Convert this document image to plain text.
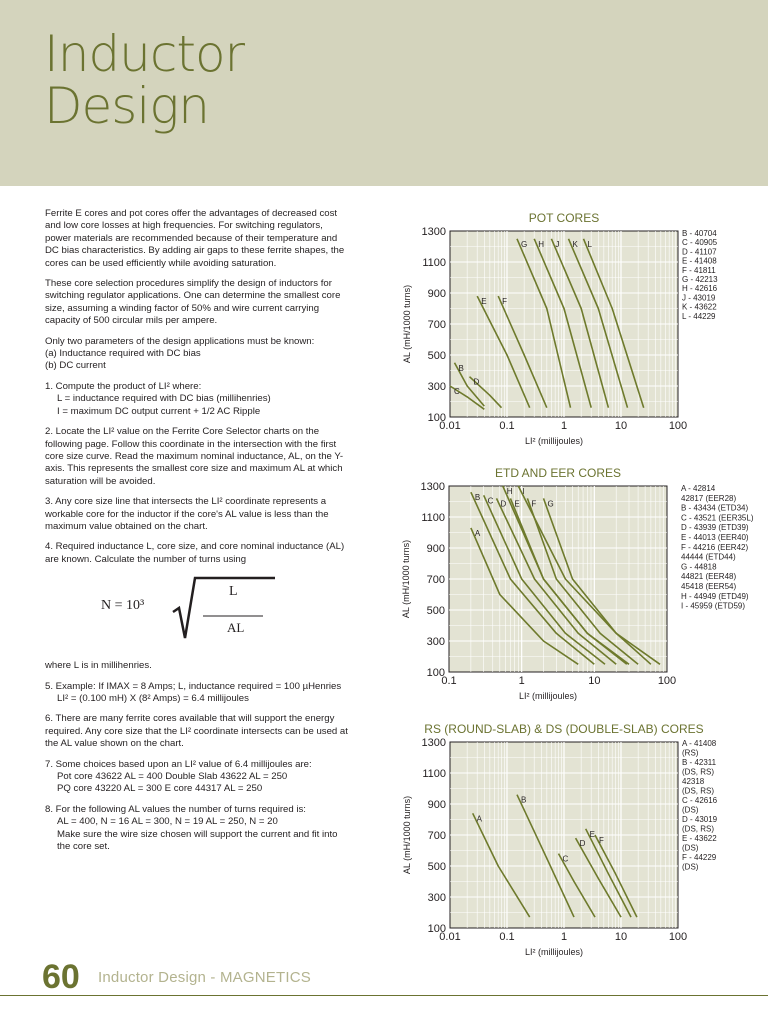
Inductor
Design

Ferrite E cores and pot cores offer the advantages of decreased cost and low core losses at high frequencies. For switching regulators, power materials are recommended because of their temperature and DC bias characteristics. By adding air gaps to these ferrite shapes, the cores can be used efficiently while avoiding saturation.

These core selection procedures simplify the design of inductors for switching regulator applications. One can determine the smallest core size, assuming a winding factor of 50% and wire current carrying capacity of 500 circular mils per ampere.

Only two parameters of the design applications must be known:
(a) Inductance required with DC bias
(b) DC current

1. Compute the product of LI² where:
L = inductance required with DC bias (millihenries)
I = maximum DC output current + 1/2 AC Ripple

2. Locate the LI² value on the Ferrite Core Selector charts on the following page. Follow this coordinate in the intersection with the first core size curve. Read the maximum nominal inductance, AL, on the Y-axis. This represents the smallest core size and maximum AL at which saturation will be avoided.

3. Any core size line that intersects the LI² coordinate represents a workable core for the inductor if the core's AL value is less than the maximum value obtained on the chart.

4. Required inductance L, core size, and core nominal inductance (AL) are known. Calculate the number of turns using

N = 10³
L
AL

where L is in millihenries.

5. Example: If IMAX = 8 Amps; L, inductance required = 100 µHenries
LI² = (0.100 mH) X (8² Amps) = 6.4 millijoules

6. There are many ferrite cores available that will support the energy required. Any core size that the LI² coordinate intersects can be used at the AL value shown on the chart.

7. Some choices based upon an LI² value of 6.4 millijoules are:
Pot core 43622 AL = 400 Double Slab 43622 AL = 250
PQ core 43220 AL = 300 E core 44317 AL = 250

8. For the following AL values the number of turns required is:
AL = 400, N = 16 AL = 300, N = 19 AL = 250, N = 20
Make sure the wire size chosen will support the current and fit into the core set.

POT CORES
100
300
500
700
900
1100
1300
0.01	0.1	1	10	100
LI² (millijoules)
AL (mH/1000 turns)
B
C
D
E F
G H J K L
B - 40704
C - 40905
D - 41107
E - 41408
F - 41811
G - 42213
H - 42616
J - 43019
K - 43622
L - 44229
ETD AND EER CORES
100
300
500
700
900
1100
1300
0.1	1	10	100
LI² (millijoules)
AL (mH/1000 turns)
A
B C D E F G
H I	A - 42814
42817 (EER28)
B - 43434 (ETD34)
C - 43521 (EER35L)
D - 43939 (ETD39)
E - 44013 (EER40)
F - 44216 (EER42)
44444 (ETD44)
G - 44818
44821 (EER48)
45418 (EER54)
H - 44949 (ETD49)
I - 45959 (ETD59)
RS (ROUND-SLAB) & DS (DOUBLE-SLAB) CORES
100
300
500
700
900
1100
1300
0.01	0.1	1	10	100
LI² (millijoules)
AL (mH/1000 turns)	A
B
C
D
E
F
A - 41408
(RS)
B - 42311
(DS, RS)
42318
(DS, RS)
C - 42616
(DS)
D - 43019
(DS, RS)
E - 43622
(DS)
F - 44229
(DS)
60 Inductor Design - MAGNETICS
